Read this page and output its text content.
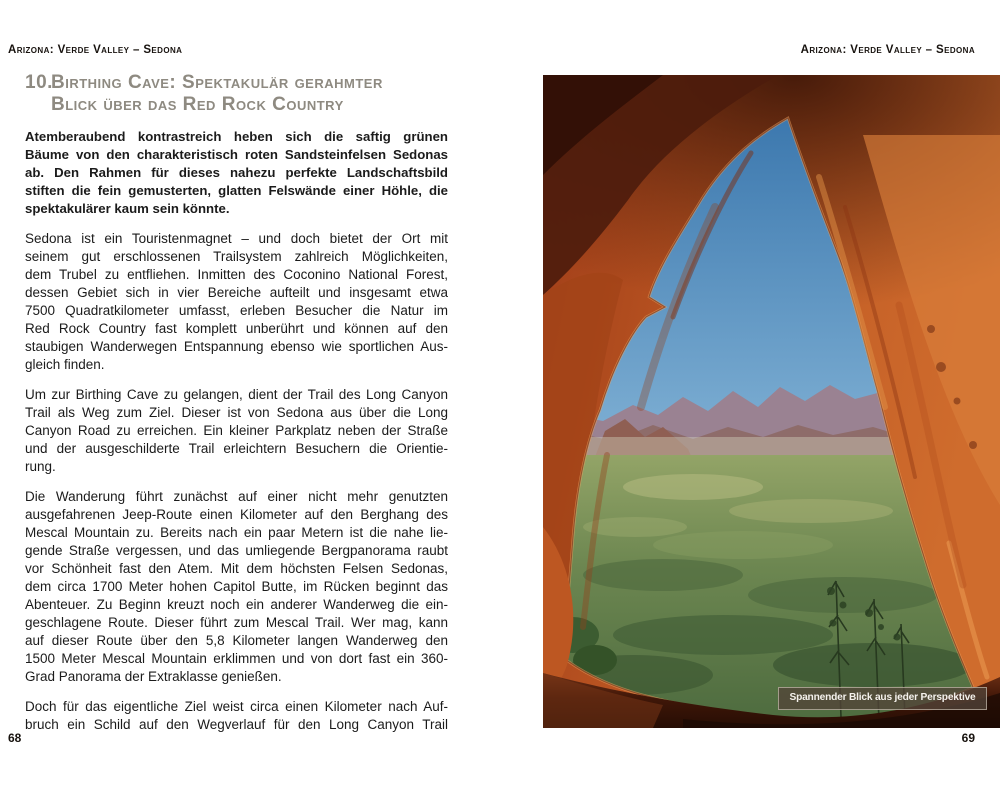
Arizona: Verde Valley – Sedona	Arizona: Verde Valley – Sedona
10.Birthing Cave: Spektakulär gerahmter
Blick über das Red Rock Country
Atemberaubend kontrastreich heben sich die saftig grünen
Bäume von den charakteristisch roten Sandsteinfelsen Sedonas
ab. Den Rahmen für dieses nahezu perfekte Landschaftsbild
stiften die fein gemusterten, glatten Felswände einer Höhle, die
spektakulärer kaum sein könnte.
Sedona ist ein Touristenmagnet – und doch bietet der Ort mit
seinem gut erschlossenen Trailsystem zahlreich Möglichkeiten,
dem Trubel zu entfliehen. Inmitten des Coconino National Forest,
dessen Gebiet sich in vier Bereiche aufteilt und insgesamt etwa
7500 Quadratkilometer umfasst, erleben Besucher die Natur im
Red Rock Country fast komplett unberührt und können auf den
staubigen Wanderwegen Entspannung ebenso wie sportlichen Aus-
gleich finden.
Um zur Birthing Cave zu gelangen, dient der Trail des Long Canyon
Trail als Weg zum Ziel. Dieser ist von Sedona aus über die Long
Canyon Road zu erreichen. Ein kleiner Parkplatz neben der Straße
und der ausgeschilderte Trail erleichtern Besuchern die Orientie-
rung.
Die Wanderung führt zunächst auf einer nicht mehr genutzten
ausgefahrenen Jeep-Route einen Kilometer auf den Berghang des
Mescal Mountain zu. Bereits nach ein paar Metern ist die nahe lie-
gende Straße vergessen, und das umliegende Bergpanorama raubt
vor Schönheit fast den Atem. Mit dem höchsten Felsen Sedonas,
dem circa 1700 Meter hohen Capitol Butte, im Rücken beginnt das
Abenteuer. Zu Beginn kreuzt noch ein anderer Wanderweg die ein-
geschlagene Route. Dieser führt zum Mescal Trail. Wer mag, kann
auf dieser Route über den 5,8 Kilometer langen Wanderweg den
1500 Meter Mescal Mountain erklimmen und von dort fast ein 360-
Grad Panorama der Extraklasse genießen.
Doch für das eigentliche Ziel weist circa einen Kilometer nach Auf-
bruch ein Schild auf den Wegverlauf für den Long Canyon Trail
Spannender Blick aus jeder Perspektive
68	69
